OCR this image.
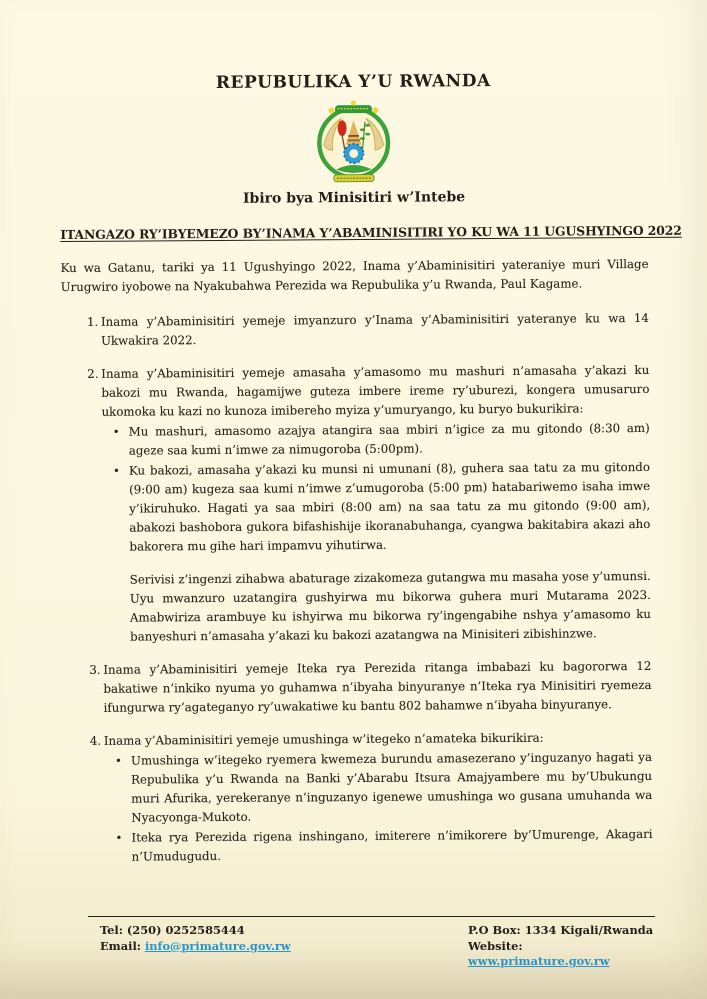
REPUBULIKA Y’U RWANDA
Ibiro bya Minisitiri w’Intebe
ITANGAZO RY’IBYEMEZO BY’INAMA Y’ABAMINISITIRI YO KU WA 11 UGUSHYINGO 2022

Ku wa Gatanu, tariki ya 11 Ugushyingo 2022, Inama y’Abaminisitiri yateraniye muri Village Urugwiro iyobowe na Nyakubahwa Perezida wa Repubulika y’u Rwanda, Paul Kagame.

1. Inama y’Abaminisitiri yemeje imyanzuro y’Inama y’Abaminisitiri yateranye ku wa 14 Ukwakira 2022.

2. Inama y’Abaminisitiri yemeje amasaha y’amasomo mu mashuri n’amasaha y’akazi ku bakozi mu Rwanda, hagamijwe guteza imbere ireme ry’uburezi, kongera umusaruro ukomoka ku kazi no kunoza imibereho myiza y’umuryango, ku buryo bukurikira:

• Mu mashuri, amasomo azajya atangira saa mbiri n’igice za mu gitondo (8:30 am) ageze saa kumi n’imwe za nimugoroba (5:00pm).

• Ku bakozi, amasaha y’akazi ku munsi ni umunani (8), guhera saa tatu za mu gitondo (9:00 am) kugeza saa kumi n’imwe z’umugoroba (5:00 pm) hatabariwemo isaha imwe y’ikiruhuko. Hagati ya saa mbiri (8:00 am) na saa tatu za mu gitondo (9:00 am), abakozi bashobora gukora bifashishije ikoranabuhanga, cyangwa bakitabira akazi aho bakorera mu gihe hari impamvu yihutirwa.

Serivisi z’ingenzi zihabwa abaturage zizakomeza gutangwa mu masaha yose y’umunsi. Uyu mwanzuro uzatangira gushyirwa mu bikorwa guhera muri Mutarama 2023. Amabwiriza arambuye ku ishyirwa mu bikorwa ry’ingengabihe nshya y’amasomo ku banyeshuri n’amasaha y’akazi ku bakozi azatangwa na Minisiteri zibishinzwe.

3. Inama y’Abaminisitiri yemeje Iteka rya Perezida ritanga imbabazi ku bagororwa 12 bakatiwe n’inkiko nyuma yo guhamwa n’ibyaha binyuranye n’Iteka rya Minisitiri ryemeza ifungurwa ry’agateganyo ry’uwakatiwe ku bantu 802 bahamwe n’ibyaha binyuranye.

4. Inama y’Abaminisitiri yemeje umushinga w’itegeko n’amateka bikurikira:

• Umushinga w’itegeko ryemera kwemeza burundu amasezerano y’inguzanyo hagati ya Repubulika y’u Rwanda na Banki y’Abarabu Itsura Amajyambere mu by’Ubukungu muri Afurika, yerekeranye n’inguzanyo igenewe umushinga wo gusana umuhanda wa Nyacyonga-Mukoto.

• Iteka rya Perezida rigena inshingano, imiterere n’imikorere by’Umurenge, Akagari n’Umudugudu.

Tel: (250) 0252585444
Email: info@primature.gov.rw
P.O Box: 1334 Kigali/Rwanda
Website: www.primature.gov.rw
